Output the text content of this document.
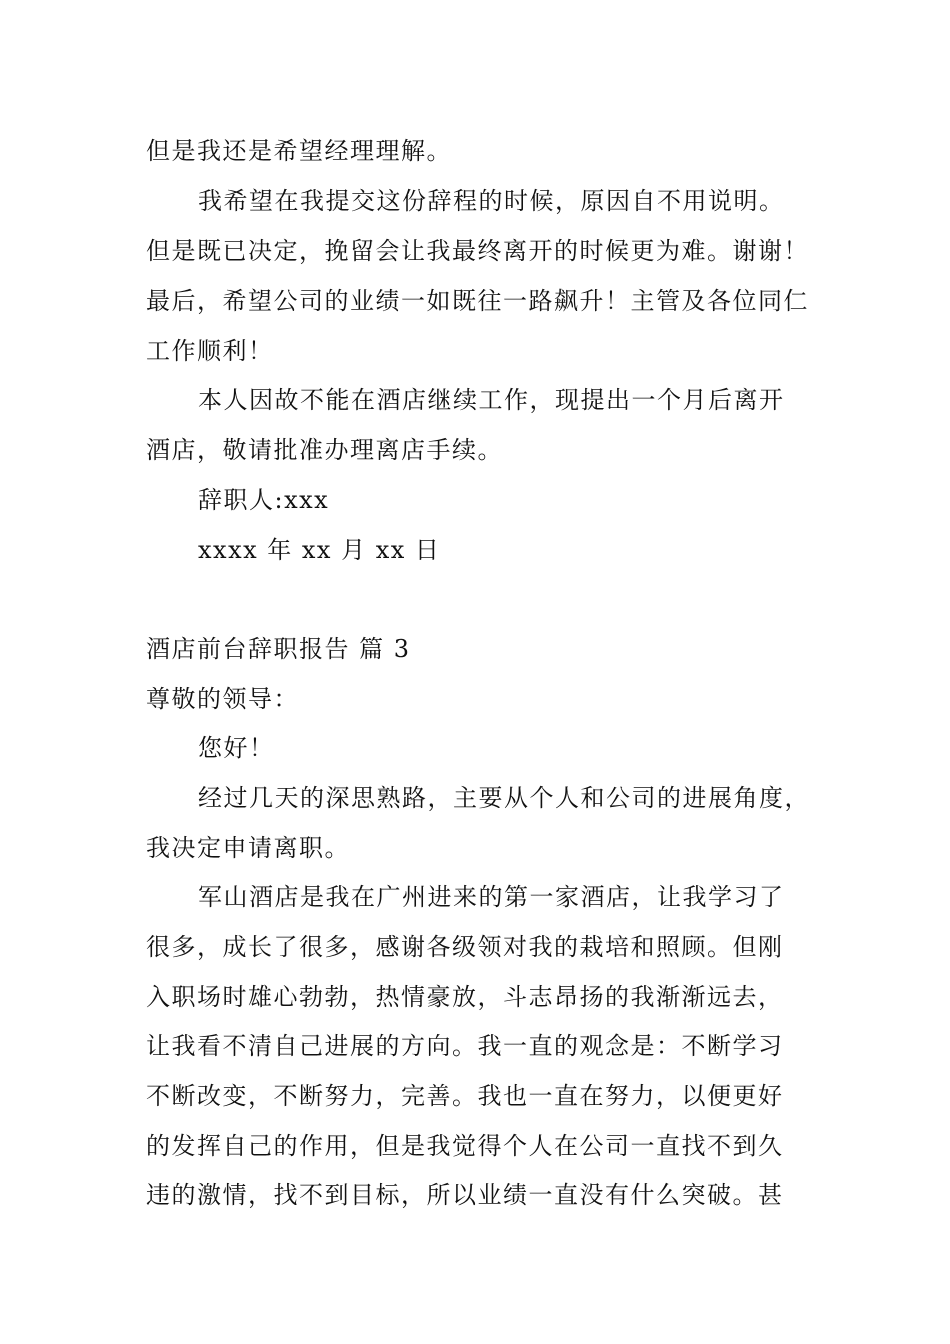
但是我还是希望经理理解。
我希望在我提交这份辞程的时候，原因自不用说明。
但是既已决定，挽留会让我最终离开的时候更为难。谢谢！
最后，希望公司的业绩一如既往一路飙升！主管及各位同仁
工作顺利！
本人因故不能在酒店继续工作，现提出一个月后离开
酒店，敬请批准办理离店手续。
辞职人:xxx
xxxx 年 xx 月 xx 日
酒店前台辞职报告 篇 3
尊敬的领导：
您好！
经过几天的深思熟路，主要从个人和公司的进展角度，
我决定申请离职。
军山酒店是我在广州进来的第一家酒店，让我学习了
很多，成长了很多，感谢各级领对我的栽培和照顾。但刚
入职场时雄心勃勃，热情豪放，斗志昂扬的我渐渐远去，
让我看不清自己进展的方向。我一直的观念是：不断学习
不断改变，不断努力，完善。我也一直在努力，以便更好
的发挥自己的作用，但是我觉得个人在公司一直找不到久
违的激情，找不到目标，所以业绩一直没有什么突破。甚
